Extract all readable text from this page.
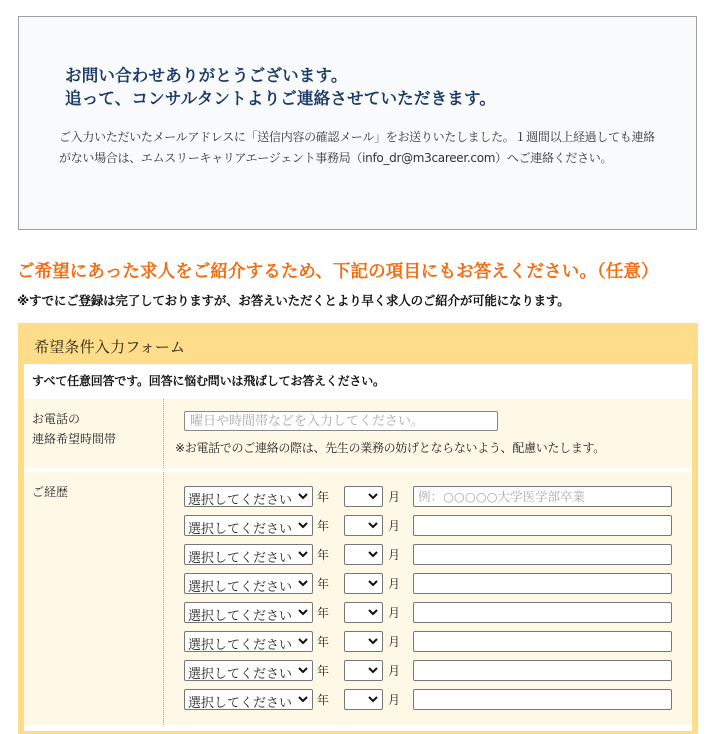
お問い合わせありがとうございます。
追って、コンサルタントよりご連絡させていただきます。
ご入力いただいたメールアドレスに「送信内容の確認メール」をお送りいたしました。１週間以上経過しても連絡がない場合は、エムスリーキャリアエージェント事務局（info_dr@m3career.com）へご連絡ください。
ご希望にあった求人をご紹介するため、下記の項目にもお答えください。（任意）
※すでにご登録は完了しておりますが、お答えいただくとより早く求人のご紹介が可能になります。
希望条件入力フォーム
すべて任意回答です。回答に悩む問いは飛ばしてお答えください。
お電話の
連絡希望時間帯
曜日や時間帯などを入力してください。
※お電話でのご連絡の際は、先生の業務の妨げとならないよう、配慮いたします。
ご経歴
選択してください 年	月
例：○○○○○大学医学部卒業
選択してください 年	月
選択してください 年	月
選択してください 年	月
選択してください 年	月
選択してください 年	月
選択してください 年	月
選択してください 年	月
